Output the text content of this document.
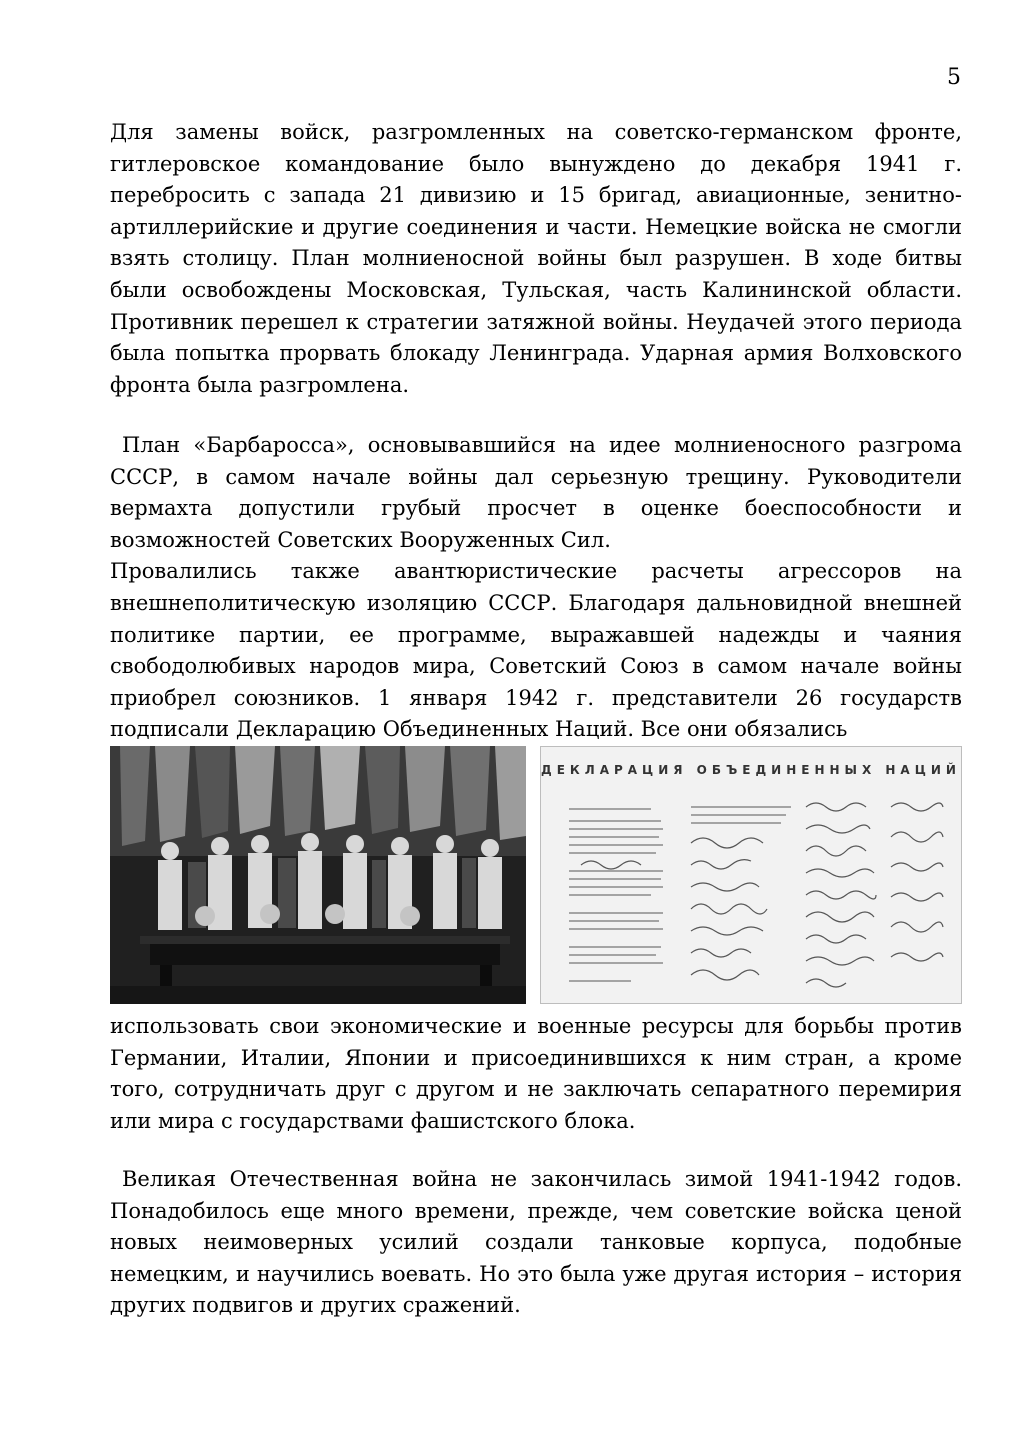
5

Для замены войск, разгромленных на советско-германском фронте, гитлеровское командование было вынуждено до декабря 1941 г. перебросить с запада 21 дивизию и 15 бригад, авиационные, зенитно-артиллерийские и другие соединения и части. Немецкие войска не смогли взять столицу. План молниеносной войны был разрушен. В ходе битвы были освобождены Московская, Тульская, часть Калининской области. Противник перешел к стратегии затяжной войны. Неудачей этого периода была попытка прорвать блокаду Ленинграда. Ударная армия Волховского фронта была разгромлена.

План «Барбаросса», основывавшийся на идее молниеносного разгрома СССР, в самом начале войны дал серьезную трещину. Руководители вермахта допустили грубый просчет в оценке боеспособности и возможностей Советских Вооруженных Сил.

Провалились также авантюристические расчеты агрессоров на внешнеполитическую изоляцию СССР. Благодаря дальновидной внешней политике партии, ее программе, выражавшей надежды и чаяния свободолюбивых народов мира, Советский Союз в самом начале войны приобрел союзников. 1 января 1942 г. представители 26 государств подписали Декларацию Объединенных Наций. Все они обязались

ДЕКЛАРАЦИЯ ОБЪЕДИНЕННЫХ НАЦИЙ

использовать свои экономические и военные ресурсы для борьбы против Германии, Италии, Японии и присоединившихся к ним стран, а кроме того, сотрудничать друг с другом и не заключать сепаратного перемирия или мира с государствами фашистского блока.

Великая Отечественная война не закончилась зимой 1941-1942 годов. Понадобилось еще много времени, прежде, чем советские войска ценой новых неимоверных усилий создали танковые корпуса, подобные немецким, и научились воевать. Но это была уже другая история – история других подвигов и других сражений.
